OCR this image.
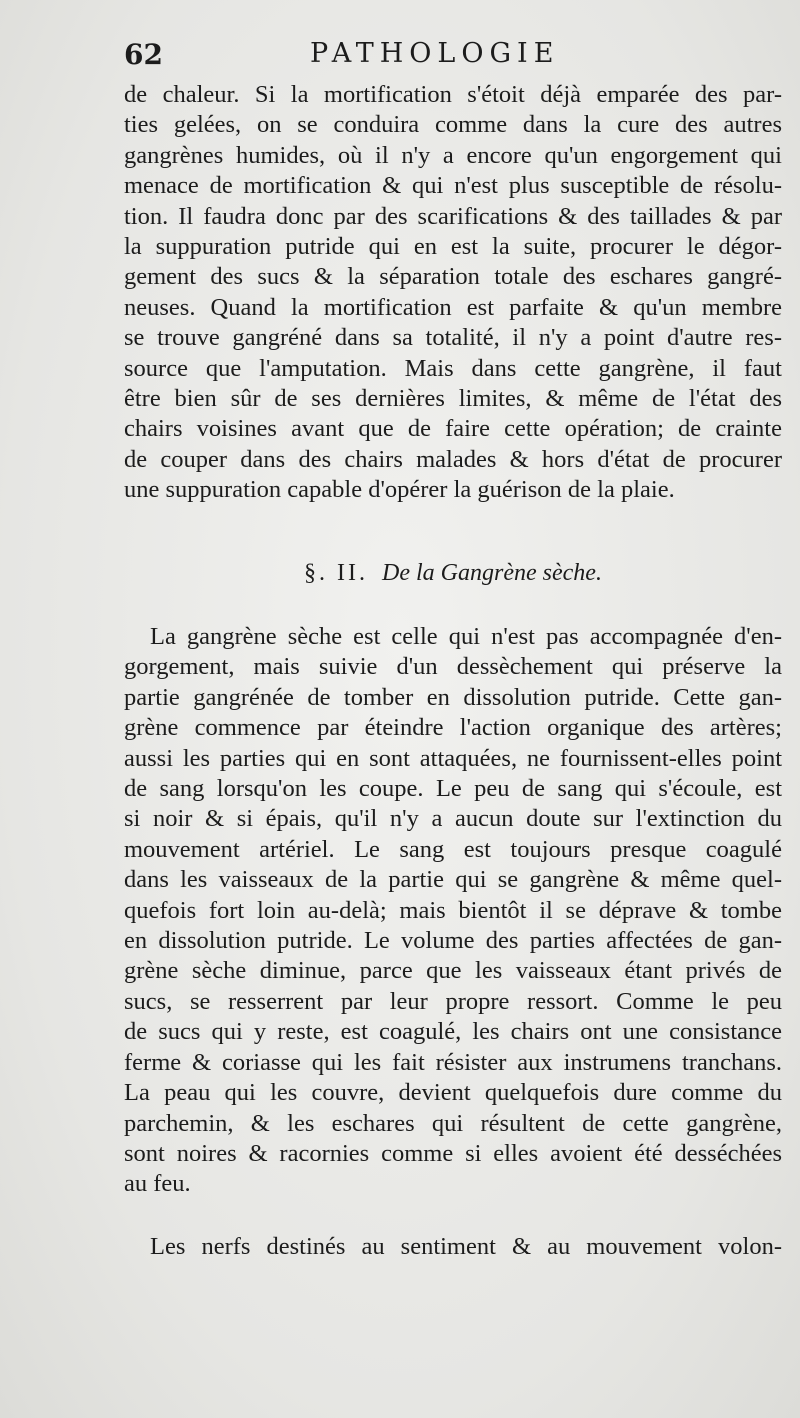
62	PATHOLOGIE
de chaleur. Si la mortification s'étoit déjà emparée des par-
ties gelées, on se conduira comme dans la cure des autres
gangrènes humides, où il n'y a encore qu'un engorgement qui
menace de mortification & qui n'est plus susceptible de résolu-
tion. Il faudra donc par des scarifications & des taillades & par
la suppuration putride qui en est la suite, procurer le dégor-
gement des sucs & la séparation totale des eschares gangré-
neuses. Quand la mortification est parfaite & qu'un membre
se trouve gangréné dans sa totalité, il n'y a point d'autre res-
source que l'amputation. Mais dans cette gangrène, il faut
être bien sûr de ses dernières limites, & même de l'état des
chairs voisines avant que de faire cette opération; de crainte
de couper dans des chairs malades & hors d'état de procurer
une suppuration capable d'opérer la guérison de la plaie.
§. II. De la Gangrène sèche.
La gangrène sèche est celle qui n'est pas accompagnée d'en-
gorgement, mais suivie d'un dessèchement qui préserve la
partie gangrénée de tomber en dissolution putride. Cette gan-
grène commence par éteindre l'action organique des artères;
aussi les parties qui en sont attaquées, ne fournissent-elles point
de sang lorsqu'on les coupe. Le peu de sang qui s'écoule, est
si noir & si épais, qu'il n'y a aucun doute sur l'extinction du
mouvement artériel. Le sang est toujours presque coagulé
dans les vaisseaux de la partie qui se gangrène & même quel-
quefois fort loin au-delà; mais bientôt il se déprave & tombe
en dissolution putride. Le volume des parties affectées de gan-
grène sèche diminue, parce que les vaisseaux étant privés de
sucs, se resserrent par leur propre ressort. Comme le peu
de sucs qui y reste, est coagulé, les chairs ont une consistance
ferme & coriasse qui les fait résister aux instrumens tranchans.
La peau qui les couvre, devient quelquefois dure comme du
parchemin, & les eschares qui résultent de cette gangrène,
sont noires & racornies comme si elles avoient été desséchées
au feu.
Les nerfs destinés au sentiment & au mouvement volon-
